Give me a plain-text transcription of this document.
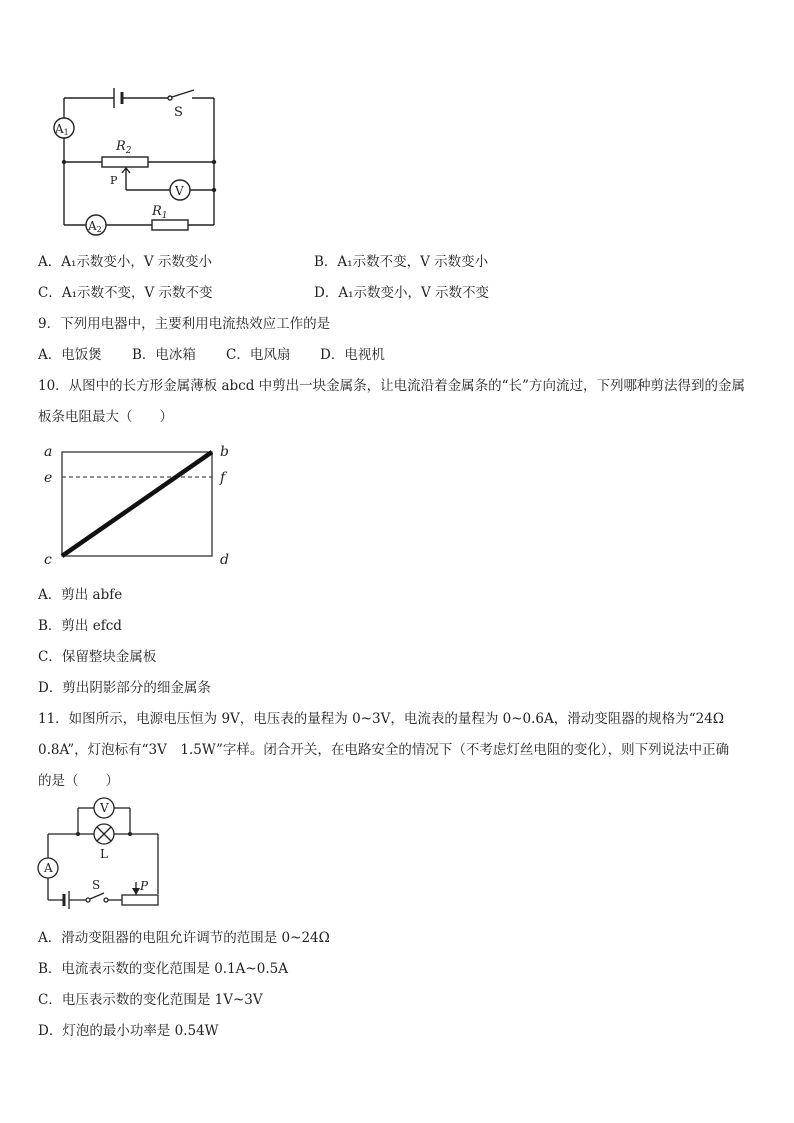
S
$R_2$
P
V
A1
A2
$R_1$
A．A₁示数变小，V 示数变小	B．A₁示数不变，V 示数变小
C．A₁示数不变，V 示数不变	D．A₁示数变小，V 示数不变
9．下列用电器中，主要利用电流热效应工作的是
A．电饭煲 B．电冰箱 C．电风扇 D．电视机
10．从图中的长方形金属薄板 abcd 中剪出一块金属条，让电流沿着金属条的“长”方向流过，下列哪种剪法得到的金属
板条电阻最大（　　）
a	b
e	f
c	d
A．剪出 abfe
B．剪出 efcd
C．保留整块金属板
D．剪出阴影部分的细金属条
11．如图所示，电源电压恒为 9V，电压表的量程为 0~3V，电流表的量程为 0~0.6A，滑动变阻器的规格为“24Ω
0.8A”，灯泡标有“3V　1.5W”字样。闭合开关，在电路安全的情况下（不考虑灯丝电阻的变化），则下列说法中正确
的是（　　）
V
L
A
S	P
A．滑动变阻器的电阻允许调节的范围是 0~24Ω
B．电流表示数的变化范围是 0.1A~0.5A
C．电压表示数的变化范围是 1V~3V
D．灯泡的最小功率是 0.54W
